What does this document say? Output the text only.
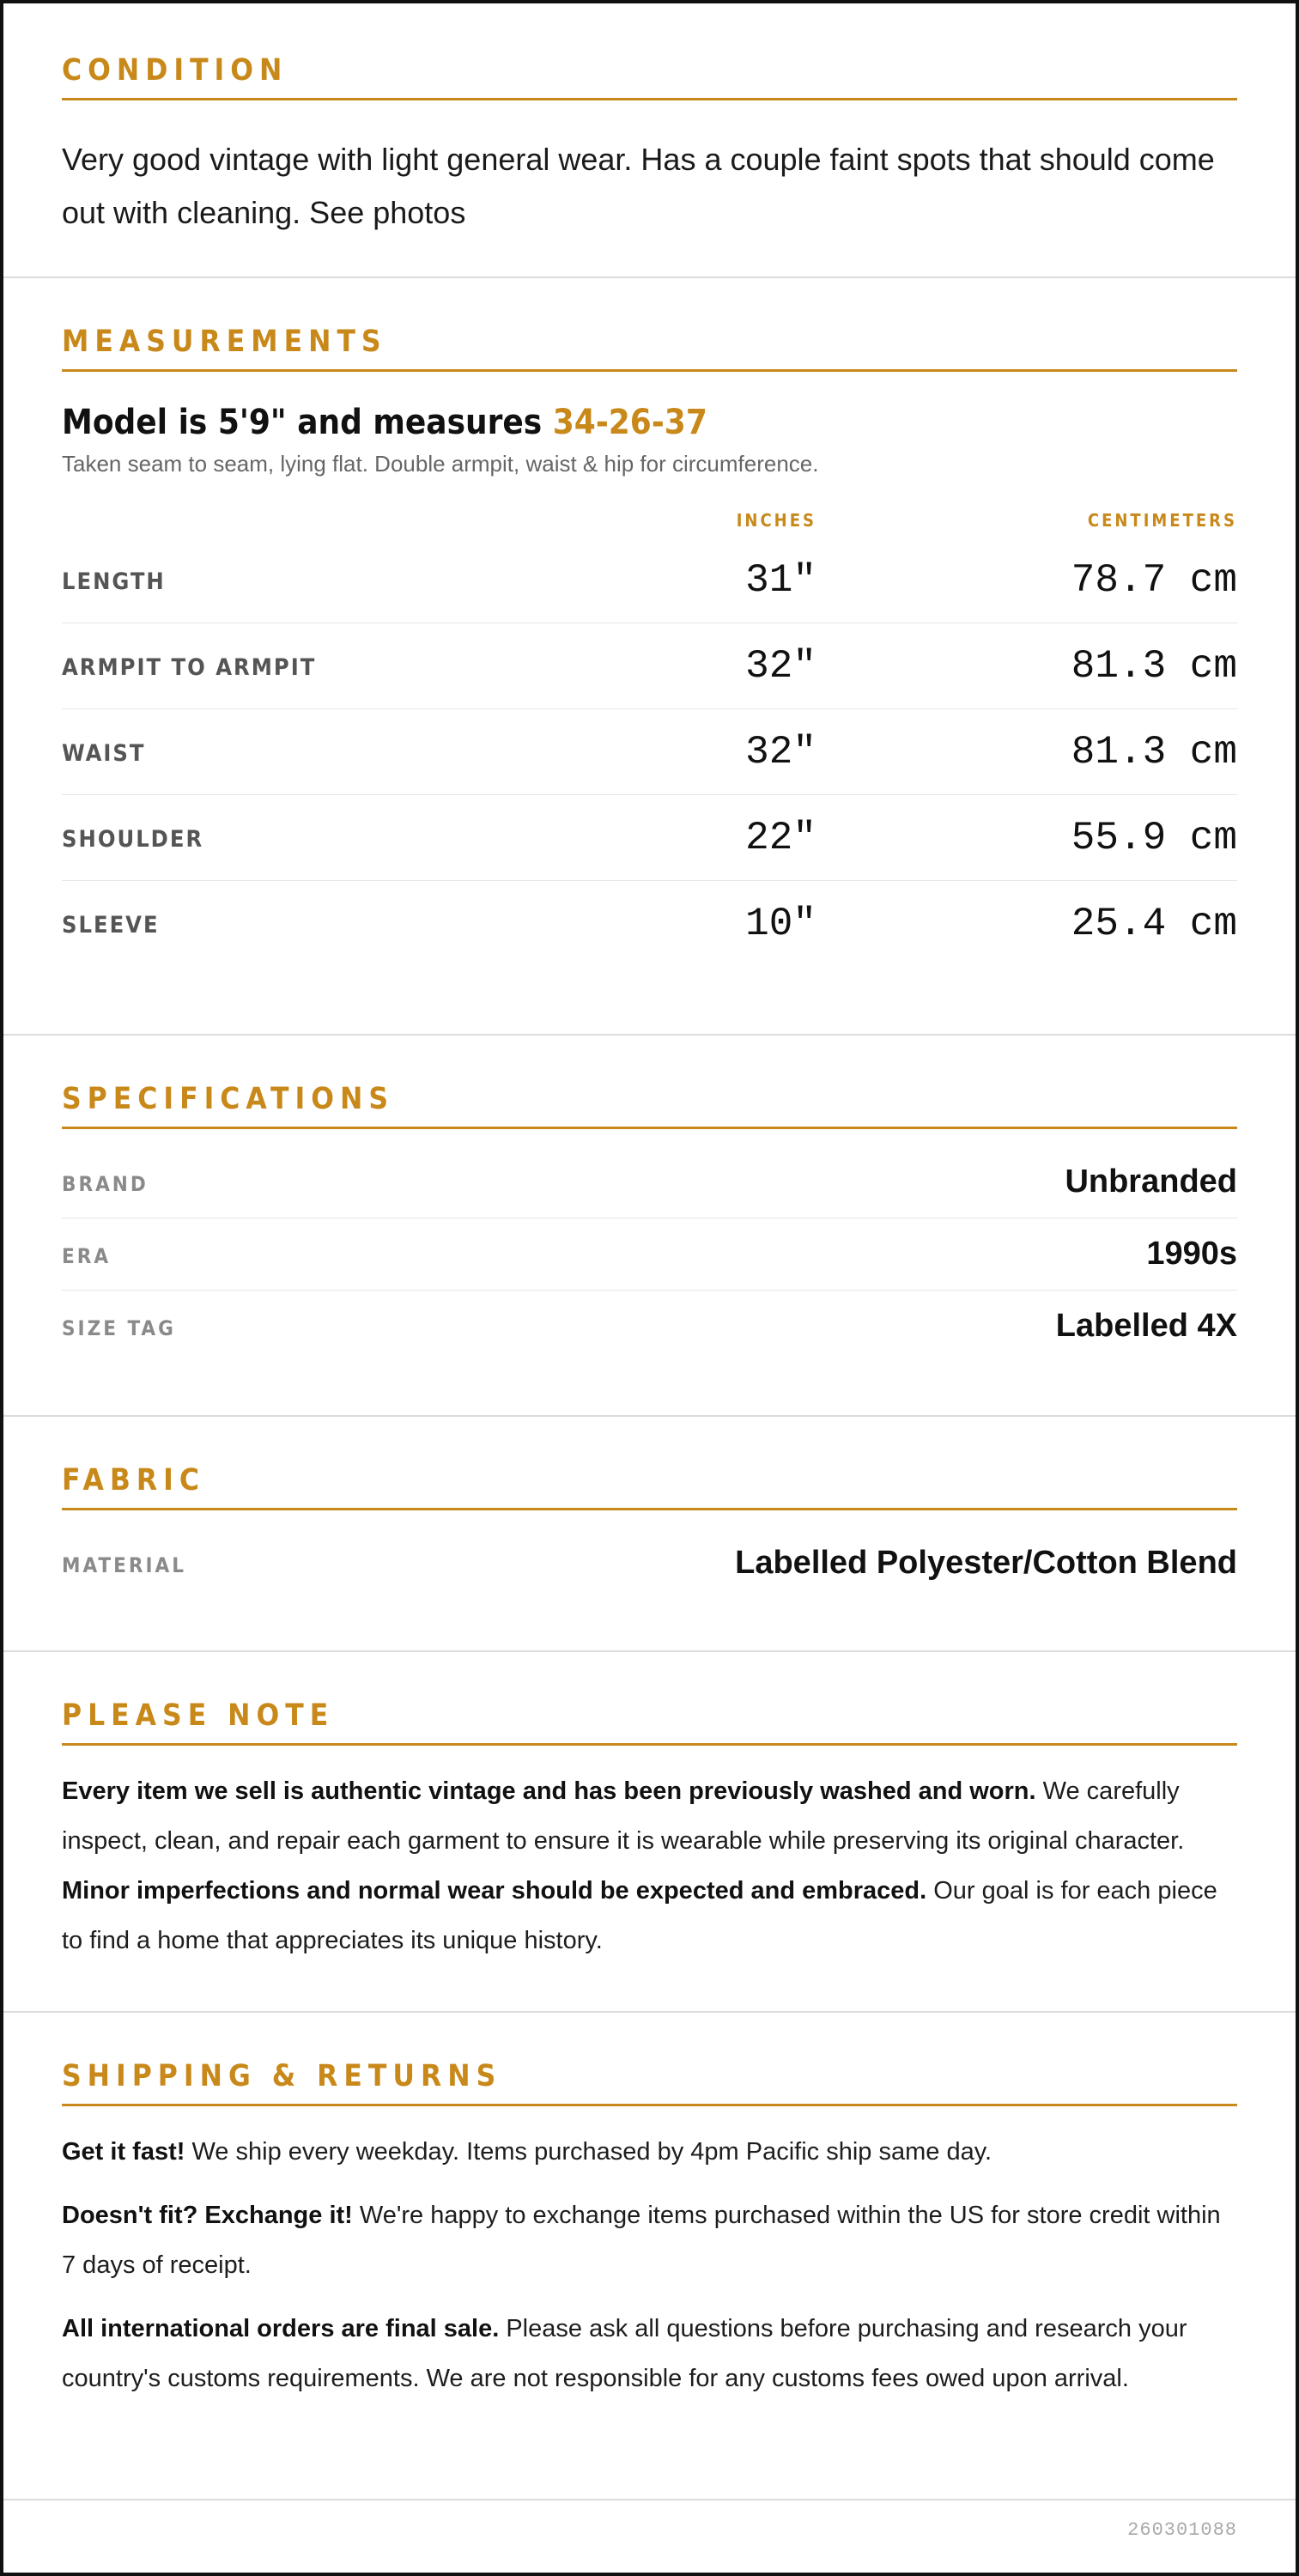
CONDITION
Very good vintage with light general wear. Has a couple faint spots that should come out with cleaning. See photos
MEASUREMENTS
Model is 5'9" and measures 34-26-37
Taken seam to seam, lying flat. Double armpit, waist & hip for circumference.
INCHES	CENTIMETERS
LENGTH	31"	78.7 cm
ARMPIT TO ARMPIT	32"	81.3 cm
WAIST	32"	81.3 cm
SHOULDER	22"	55.9 cm
SLEEVE	10"	25.4 cm
SPECIFICATIONS
BRAND	Unbranded
ERA	1990s
SIZE TAG	Labelled 4X
FABRIC
MATERIAL	Labelled Polyester/Cotton Blend
PLEASE NOTE
Every item we sell is authentic vintage and has been previously washed and worn. We carefully inspect, clean, and repair each garment to ensure it is wearable while preserving its original character. Minor imperfections and normal wear should be expected and embraced. Our goal is for each piece to find a home that appreciates its unique history.
SHIPPING & RETURNS
Get it fast! We ship every weekday. Items purchased by 4pm Pacific ship same day.
Doesn't fit? Exchange it! We're happy to exchange items purchased within the US for store credit within 7 days of receipt.
All international orders are final sale. Please ask all questions before purchasing and research your country's customs requirements. We are not responsible for any customs fees owed upon arrival.
260301088
